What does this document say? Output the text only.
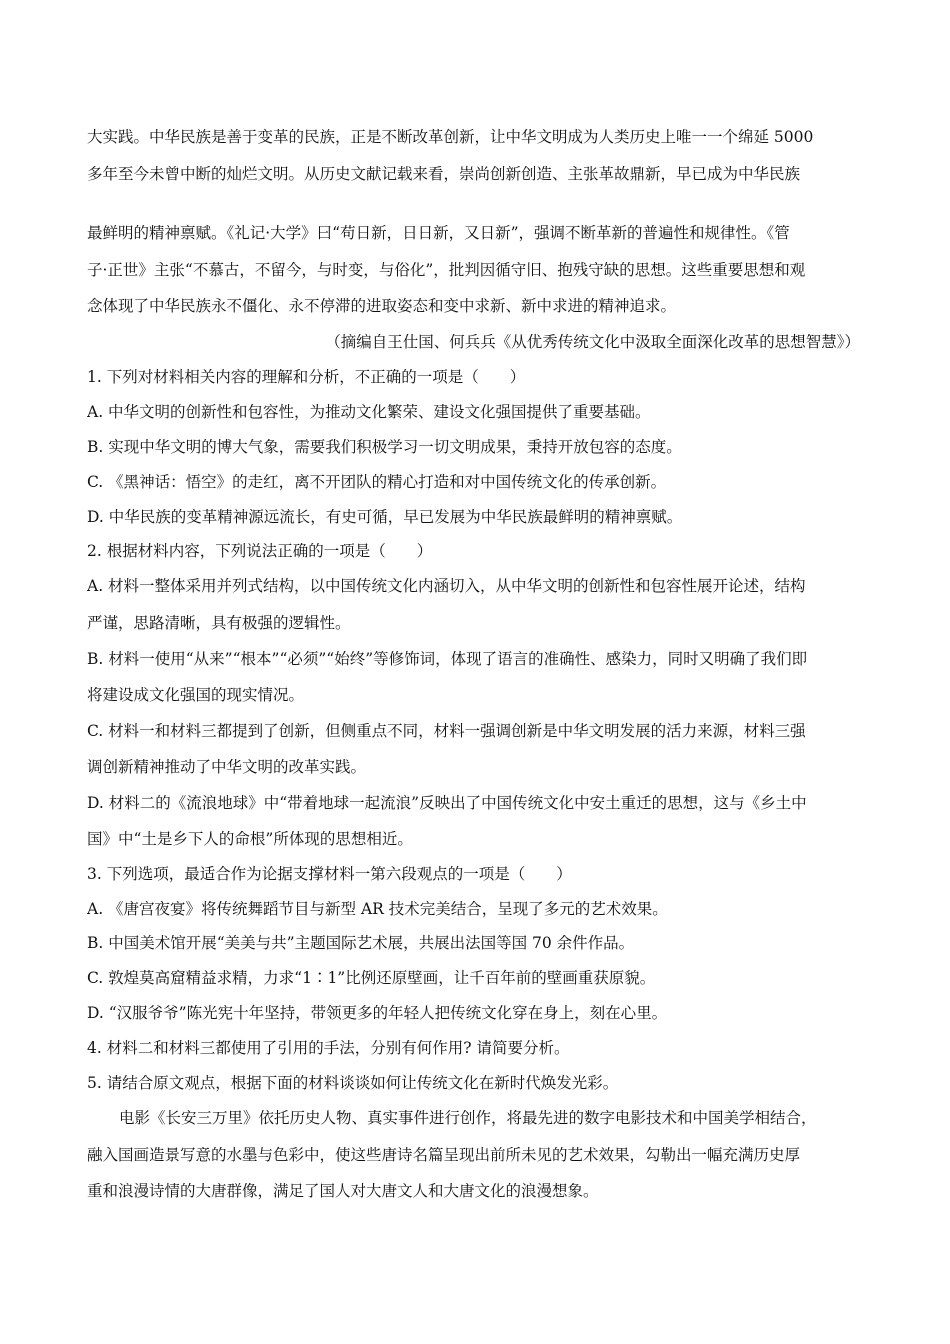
大实践。中华民族是善于变革的民族，正是不断改革创新，让中华文明成为人类历史上唯一一个绵延 5000
多年至今未曾中断的灿烂文明。从历史文献记载来看，崇尚创新创造、主张革故鼎新，早已成为中华民族
最鲜明的精神禀赋。《礼记·大学》曰“苟日新，日日新，又日新”，强调不断革新的普遍性和规律性。《管
子·正世》主张“不慕古，不留今，与时变，与俗化”，批判因循守旧、抱残守缺的思想。这些重要思想和观
念体现了中华民族永不僵化、永不停滞的进取姿态和变中求新、新中求进的精神追求。
（摘编自王仕国、何兵兵《从优秀传统文化中汲取全面深化改革的思想智慧》）
1. 下列对材料相关内容的理解和分析，不正确的一项是（　　）
A. 中华文明的创新性和包容性，为推动文化繁荣、建设文化强国提供了重要基础。
B. 实现中华文明的博大气象，需要我们积极学习一切文明成果，秉持开放包容的态度。
C. 《黑神话：悟空》的走红，离不开团队的精心打造和对中国传统文化的传承创新。
D. 中华民族的变革精神源远流长，有史可循，早已发展为中华民族最鲜明的精神禀赋。
2. 根据材料内容，下列说法正确的一项是（　　）
A. 材料一整体采用并列式结构，以中国传统文化内涵切入，从中华文明的创新性和包容性展开论述，结构
严谨，思路清晰，具有极强的逻辑性。
B. 材料一使用“从来”“根本”“必须”“始终”等修饰词，体现了语言的准确性、感染力，同时又明确了我们即
将建设成文化强国的现实情况。
C. 材料一和材料三都提到了创新，但侧重点不同，材料一强调创新是中华文明发展的活力来源，材料三强
调创新精神推动了中华文明的改革实践。
D. 材料二的《流浪地球》中“带着地球一起流浪”反映出了中国传统文化中安土重迁的思想，这与《乡土中
国》中“土是乡下人的命根”所体现的思想相近。
3. 下列选项，最适合作为论据支撑材料一第六段观点的一项是（　　）
A. 《唐宫夜宴》将传统舞蹈节目与新型 AR 技术完美结合，呈现了多元的艺术效果。
B. 中国美术馆开展“美美与共”主题国际艺术展，共展出法国等国 70 余件作品。
C. 敦煌莫高窟精益求精，力求“1∶1”比例还原壁画，让千百年前的壁画重获原貌。
D. “汉服爷爷”陈光宪十年坚持，带领更多的年轻人把传统文化穿在身上，刻在心里。
4. 材料二和材料三都使用了引用的手法，分别有何作用? 请简要分析。
5. 请结合原文观点，根据下面的材料谈谈如何让传统文化在新时代焕发光彩。
电影《长安三万里》依托历史人物、真实事件进行创作，将最先进的数字电影技术和中国美学相结合，
融入国画造景写意的水墨与色彩中，使这些唐诗名篇呈现出前所未见的艺术效果，勾勒出一幅充满历史厚
重和浪漫诗情的大唐群像，满足了国人对大唐文人和大唐文化的浪漫想象。
